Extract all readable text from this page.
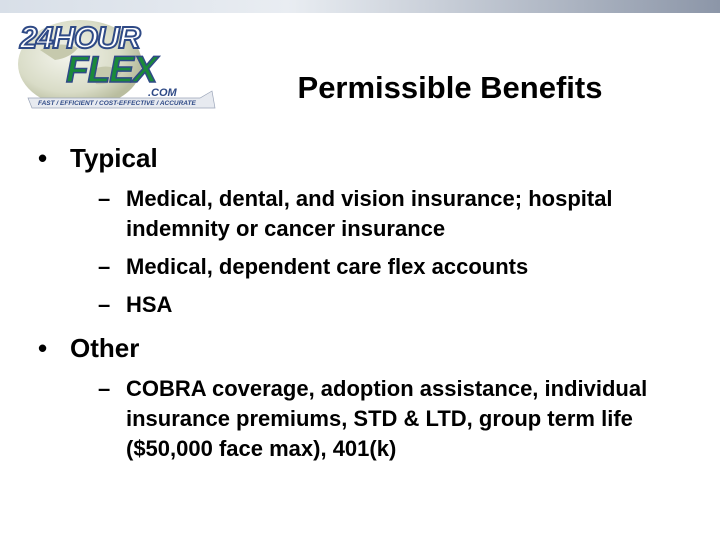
24HOUR
FLEX
.COM
FAST / EFFICIENT / COST-EFFECTIVE / ACCURATE	Permissible Benefits
• Typical
– Medical, dental, and vision insurance; hospital indemnity or cancer insurance
– Medical, dependent care flex accounts
– HSA
• Other
– COBRA coverage, adoption assistance, individual insurance premiums, STD & LTD, group term life ($50,000 face max), 401(k)
